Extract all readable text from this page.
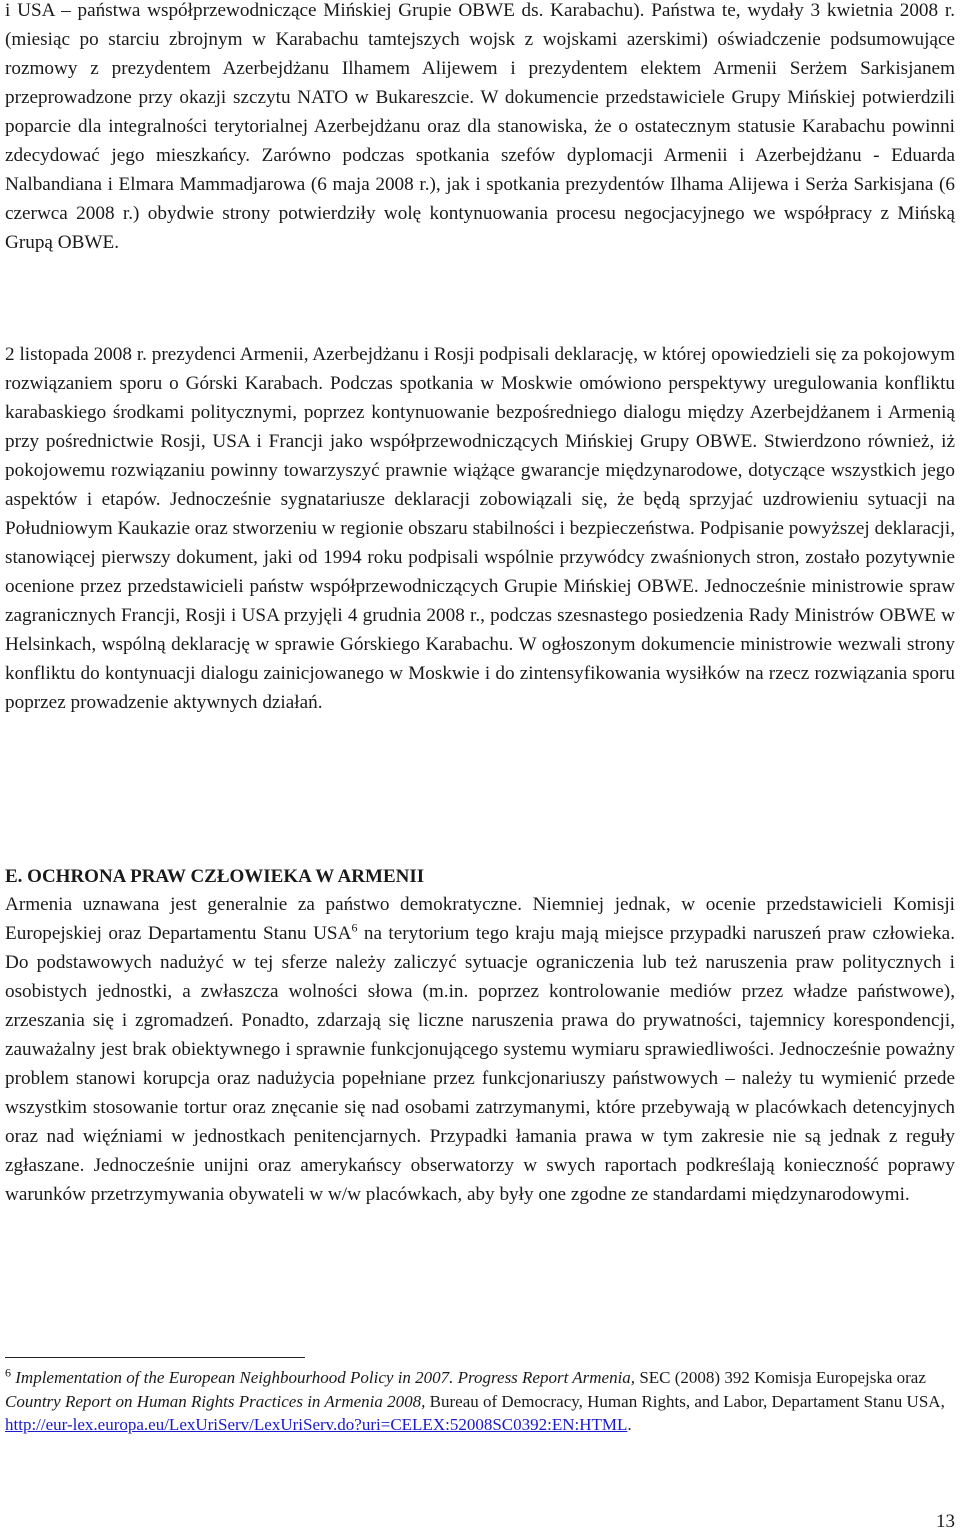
i USA – państwa współprzewodniczące Mińskiej Grupie OBWE ds. Karabachu). Państwa te, wydały 3 kwietnia 2008 r. (miesiąc po starciu zbrojnym w Karabachu tamtejszych wojsk z wojskami azerskimi) oświadczenie podsumowujące rozmowy z prezydentem Azerbejdżanu Ilhamem Alijewem i prezydentem elektem Armenii Serżem Sarkisjanem przeprowadzone przy okazji szczytu NATO w Bukareszcie. W dokumencie przedstawiciele Grupy Mińskiej potwierdzili poparcie dla integralności terytorialnej Azerbejdżanu oraz dla stanowiska, że o ostatecznym statusie Karabachu powinni zdecydować jego mieszkańcy. Zarówno podczas spotkania szefów dyplomacji Armenii i Azerbejdżanu - Eduarda Nalbandiana i Elmara Mammadjarowa (6 maja 2008 r.), jak i spotkania prezydentów Ilhama Alijewa i Serża Sarkisjana (6 czerwca 2008 r.) obydwie strony potwierdziły wolę kontynuowania procesu negocjacyjnego we współpracy z Mińską Grupą OBWE.

2 listopada 2008 r. prezydenci Armenii, Azerbejdżanu i Rosji podpisali deklarację, w której opowiedzieli się za pokojowym rozwiązaniem sporu o Górski Karabach. Podczas spotkania w Moskwie omówiono perspektywy uregulowania konfliktu karabaskiego środkami politycznymi, poprzez kontynuowanie bezpośredniego dialogu między Azerbejdżanem i Armenią przy pośrednictwie Rosji, USA i Francji jako współprzewodniczących Mińskiej Grupy OBWE. Stwierdzono również, iż pokojowemu rozwiązaniu powinny towarzyszyć prawnie wiążące gwarancje międzynarodowe, dotyczące wszystkich jego aspektów i etapów. Jednocześnie sygnatariusze deklaracji zobowiązali się, że będą sprzyjać uzdrowieniu sytuacji na Południowym Kaukazie oraz stworzeniu w regionie obszaru stabilności i bezpieczeństwa. Podpisanie powyższej deklaracji, stanowiącej pierwszy dokument, jaki od 1994 roku podpisali wspólnie przywódcy zwaśnionych stron, zostało pozytywnie ocenione przez przedstawicieli państw współprzewodniczących Grupie Mińskiej OBWE. Jednocześnie ministrowie spraw zagranicznych Francji, Rosji i USA przyjęli 4 grudnia 2008 r., podczas szesnastego posiedzenia Rady Ministrów OBWE w Helsinkach, wspólną deklarację w sprawie Górskiego Karabachu. W ogłoszonym dokumencie ministrowie wezwali strony konfliktu do kontynuacji dialogu zainicjowanego w Moskwie i do zintensyfikowania wysiłków na rzecz rozwiązania sporu poprzez prowadzenie aktywnych działań.

E. OCHRONA PRAW CZŁOWIEKA W ARMENII

Armenia uznawana jest generalnie za państwo demokratyczne. Niemniej jednak, w ocenie przedstawicieli Komisji Europejskiej oraz Departamentu Stanu USA$^6$ na terytorium tego kraju mają miejsce przypadki naruszeń praw człowieka. Do podstawowych nadużyć w tej sferze należy zaliczyć sytuacje ograniczenia lub też naruszenia praw politycznych i osobistych jednostki, a zwłaszcza wolności słowa (m.in. poprzez kontrolowanie mediów przez władze państwowe), zrzeszania się i zgromadzeń. Ponadto, zdarzają się liczne naruszenia prawa do prywatności, tajemnicy korespondencji, zauważalny jest brak obiektywnego i sprawnie funkcjonującego systemu wymiaru sprawiedliwości. Jednocześnie poważny problem stanowi korupcja oraz nadużycia popełniane przez funkcjonariuszy państwowych – należy tu wymienić przede wszystkim stosowanie tortur oraz znęcanie się nad osobami zatrzymanymi, które przebywają w placówkach detencyjnych oraz nad więźniami w jednostkach penitencjarnych. Przypadki łamania prawa w tym zakresie nie są jednak z reguły zgłaszane. Jednocześnie unijni oraz amerykańscy obserwatorzy w swych raportach podkreślają konieczność poprawy warunków przetrzymywania obywateli w w/w placówkach, aby były one zgodne ze standardami międzynarodowymi.

$^6$ Implementation of the European Neighbourhood Policy in 2007. Progress Report Armenia, SEC (2008) 392 Komisja Europejska oraz Country Report on Human Rights Practices in Armenia 2008, Bureau of Democracy, Human Rights, and Labor, Departament Stanu USA,
http://eur-lex.europa.eu/LexUriServ/LexUriServ.do?uri=CELEX:52008SC0392:EN:HTML.
13
